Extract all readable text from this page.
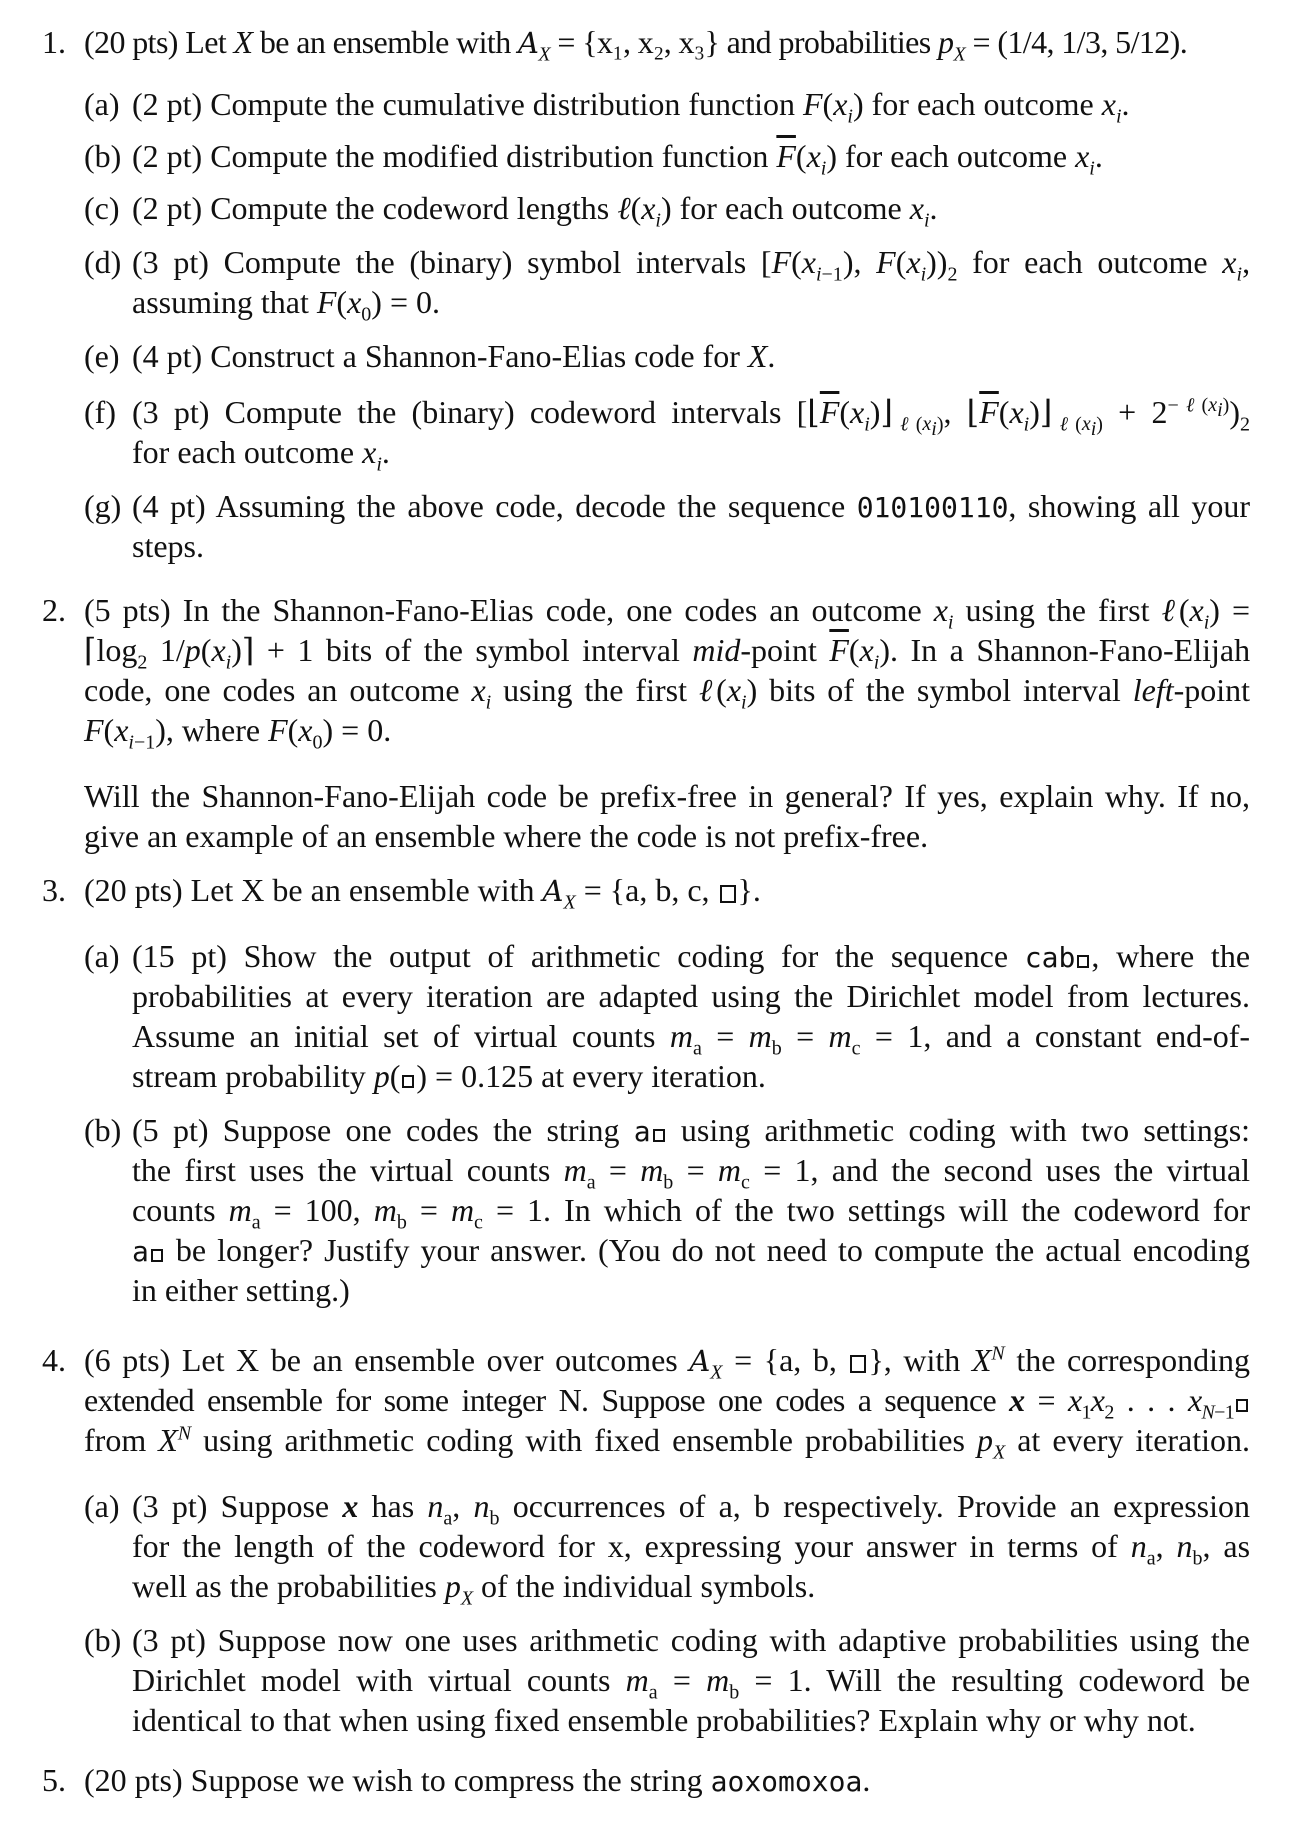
1. (20 pts) Let X be an ensemble with $A_X = \{x_1$, x₂, x₃} and probabilities $p_X = (1/4$, 1/3, 5/12).
(a) (2 pt) Compute the cumulative distribution function $F(x_i)$ for each outcome $x_i$.
(b) (2 pt) Compute the modified distribution function $\overline{F}(x_i)$ for each outcome $x_i$.
(c) (2 pt) Compute the codeword lengths $\ell(x_i)$ for each outcome $x_i$.
(d) (3 pt) Compute the (binary) symbol intervals [$F(x_{i-1})$, $F(x_i))_2$ for each outcome $x_i$,
assuming that $F(x_0) = 0$.
(e) (4 pt) Construct a Shannon-Fano-Elias code for X.
(f) (3 pt) Compute the (binary) codeword intervals [$⌊\overline{F}(x_i)⌋_{\ell(x_i)}$, $⌊\overline{F}(x_i)⌋_{\ell(x_i)} + 2^{-\ell(x_i)})_2$
for each outcome $x_i$.
(g) (4 pt) Assuming the above code, decode the sequence 010100110, showing all your
steps.
2. (5 pts) In the Shannon-Fano-Elias code, one codes an outcome $x_i$ using the first $\ell(x_i)$ =
$⌈\log_2$ $1/p(x_i)⌉ + 1$ bits of the symbol interval mid-point $\overline{F}(x_i)$. In a Shannon-Fano-Elijah
code, one codes an outcome $x_i$ using the first $\ell(x_i)$ bits of the symbol interval left-point
$F(x_{i-1})$, where $F(x_0) = 0$.
Will the Shannon-Fano-Elijah code be prefix-free in general? If yes, explain why. If no,
give an example of an ensemble where the code is not prefix-free.
3. (20 pts) Let X be an ensemble with $A_X = \{a$, b, c, }.
(a) (15 pt) Show the output of arithmetic coding for the sequence cab , where the
probabilities at every iteration are adapted using the Dirichlet model from lectures.
Assume an initial set of virtual counts $m_a = m_b = m_c = 1$, and a constant end-of-
stream probability p( ) = 0.125 at every iteration.
(b) (5 pt) Suppose one codes the string a using arithmetic coding with two settings:
the first uses the virtual counts $m_a = m_b = m_c = 1$, and the second uses the virtual
counts $m_a = 100$, $m_b = m_c = 1$. In which of the two settings will the codeword for
a be longer? Justify your answer. (You do not need to compute the actual encoding
in either setting.)
4. (6 pts) Let X be an ensemble over outcomes $A_X = \{a$, b, }, with $X^N$ the corresponding
extended ensemble for some integer N. Suppose one codes a sequence $x = x_1x_2$ . . . $x_{N-1}$
from $X^N$ using arithmetic coding with fixed ensemble probabilities $p_X$ at every iteration.
(a) (3 pt) Suppose x has $n_a$, $n_b$ occurrences of a, b respectively. Provide an expression
for the length of the codeword for x, expressing your answer in terms of $n_a$, $n_b$, as
well as the probabilities $p_X$ of the individual symbols.
(b) (3 pt) Suppose now one uses arithmetic coding with adaptive probabilities using the
Dirichlet model with virtual counts $m_a = m_b = 1$. Will the resulting codeword be
identical to that when using fixed ensemble probabilities? Explain why or why not.
5. (20 pts) Suppose we wish to compress the string aoxomoxoa.
